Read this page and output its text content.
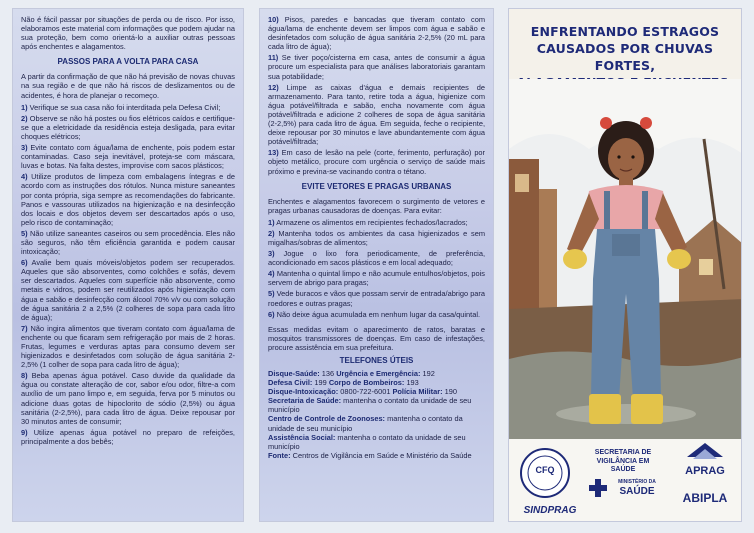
Não é fácil passar por situações de perda ou de risco. Por isso, elaboramos este material com informações que podem ajudar na sua proteção, bem como orientá-lo a auxiliar outras pessoas após enchentes e alagamentos.

PASSOS PARA A VOLTA PARA CASA

A partir da confirmação de que não há previsão de novas chuvas na sua região e de que não há riscos de deslizamentos ou de acidentes, é hora de planejar o recomeço.

1) Verifique se sua casa não foi interditada pela Defesa Civil;

2) Observe se não há postes ou fios elétricos caídos e certifique-se que a eletricidade da residência esteja desligada, para evitar choques elétricos;

3) Evite contato com água/lama de enchente, pois podem estar contaminadas. Caso seja inevitável, proteja-se com máscara, luvas e botas. Na falta destes, improvise com sacos plásticos;

4) Utilize produtos de limpeza com embalagens íntegras e de acordo com as instruções dos rótulos. Nunca misture saneantes por conta própria, siga sempre as recomendações do fabricante. Panos e vassouras utilizados na higienização e na desinfecção dos locais e dos objetos devem ser descartados após o uso, pelo risco de contaminação;

5) Não utilize saneantes caseiros ou sem procedência. Eles não são seguros, não têm eficiência garantida e podem causar intoxicação;

6) Avalie bem quais móveis/objetos podem ser recuperados. Aqueles que são absorventes, como colchões e sofás, devem ser descartados. Aqueles com superfície não absorvente, como metais e vidros, podem ser reutilizados após higienização com água e sabão e desinfecção com álcool 70% v/v ou com solução de água sanitária 2 a 2,5% (2 colheres de sopa para cada litro de água);

7) Não ingira alimentos que tiveram contato com água/lama de enchente ou que ficaram sem refrigeração por mais de 2 horas. Frutas, legumes e verduras aptas para consumo devem ser higienizados e desinfetados com solução de água sanitária 2-2,5% (1 colher de sopa para cada litro de água);

8) Beba apenas água potável. Caso duvide da qualidade da água ou constate alteração de cor, sabor e/ou odor, filtre-a com auxílio de um pano limpo e, em seguida, ferva por 5 minutos ou adicione duas gotas de hipoclorito de sódio (2,5%) ou água sanitária (2-2,5%), para cada litro de água. Deixe repousar por 30 minutos antes de consumir;

9) Utilize apenas água potável no preparo de refeições, principalmente a dos bebês;

10) Pisos, paredes e bancadas que tiveram contato com água/lama de enchente devem ser limpos com água e sabão e desinfetados com solução de água sanitária 2-2,5% (20 mL para cada litro de água);

11) Se tiver poço/cisterna em casa, antes de consumir a água procure um especialista para que análises laboratoriais garantam sua potabilidade;

12) Limpe as caixas d'água e demais recipientes de armazenamento. Para tanto, retire toda a água, higienize com água potável/filtrada e sabão, encha novamente com água potável/filtrada e adicione 2 colheres de sopa de água sanitária (2-2,5%) para cada litro de água. Em seguida, feche o recipiente, deixe repousar por 30 minutos e lave abundantemente com água potável/filtrada;

13) Em caso de lesão na pele (corte, ferimento, perfuração) por objeto metálico, procure com urgência o serviço de saúde mais próximo e previna-se vacinando contra o tétano.

EVITE VETORES E PRAGAS URBANAS

Enchentes e alagamentos favorecem o surgimento de vetores e pragas urbanas causadoras de doenças. Para evitar:

1) Armazene os alimentos em recipientes fechados/lacrados;

2) Mantenha todos os ambientes da casa higienizados e sem migalhas/sobras de alimentos;

3) Jogue o lixo fora periodicamente, de preferência, acondicionado em sacos plásticos e em local adequado;

4) Mantenha o quintal limpo e não acumule entulhos/objetos, pois servem de abrigo para pragas;

5) Vede buracos e vãos que possam servir de entrada/abrigo para roedores e outras pragas;

6) Não deixe água acumulada em nenhum lugar da casa/quintal.

Essas medidas evitam o aparecimento de ratos, baratas e mosquitos transmissores de doenças. Em caso de infestações, procure assistência em sua prefeitura.

TELEFONES ÚTEIS

Disque-Saúde: 136 Urgência e Emergência: 192

Defesa Civil: 199 Corpo de Bombeiros: 193

Disque-Intoxicação: 0800-722-6001 Polícia Militar: 190

Secretaria de Saúde: mantenha o contato da unidade de seu município

Centro de Controle de Zoonoses: mantenha o contato da unidade de seu município

Assistência Social: mantenha o contato da unidade de seu município

Fonte: Centros de Vigilância em Saúde e Ministério da Saúde

ENFRENTANDO ESTRAGOS
CAUSADOS POR CHUVAS FORTES,
CFQ
SECRETARIA DE
VIGILÂNCIA EM
SAÚDE
MINISTÉRIO DA
SAÚDE
APRAG
SINDPRAG
ABIPLA
